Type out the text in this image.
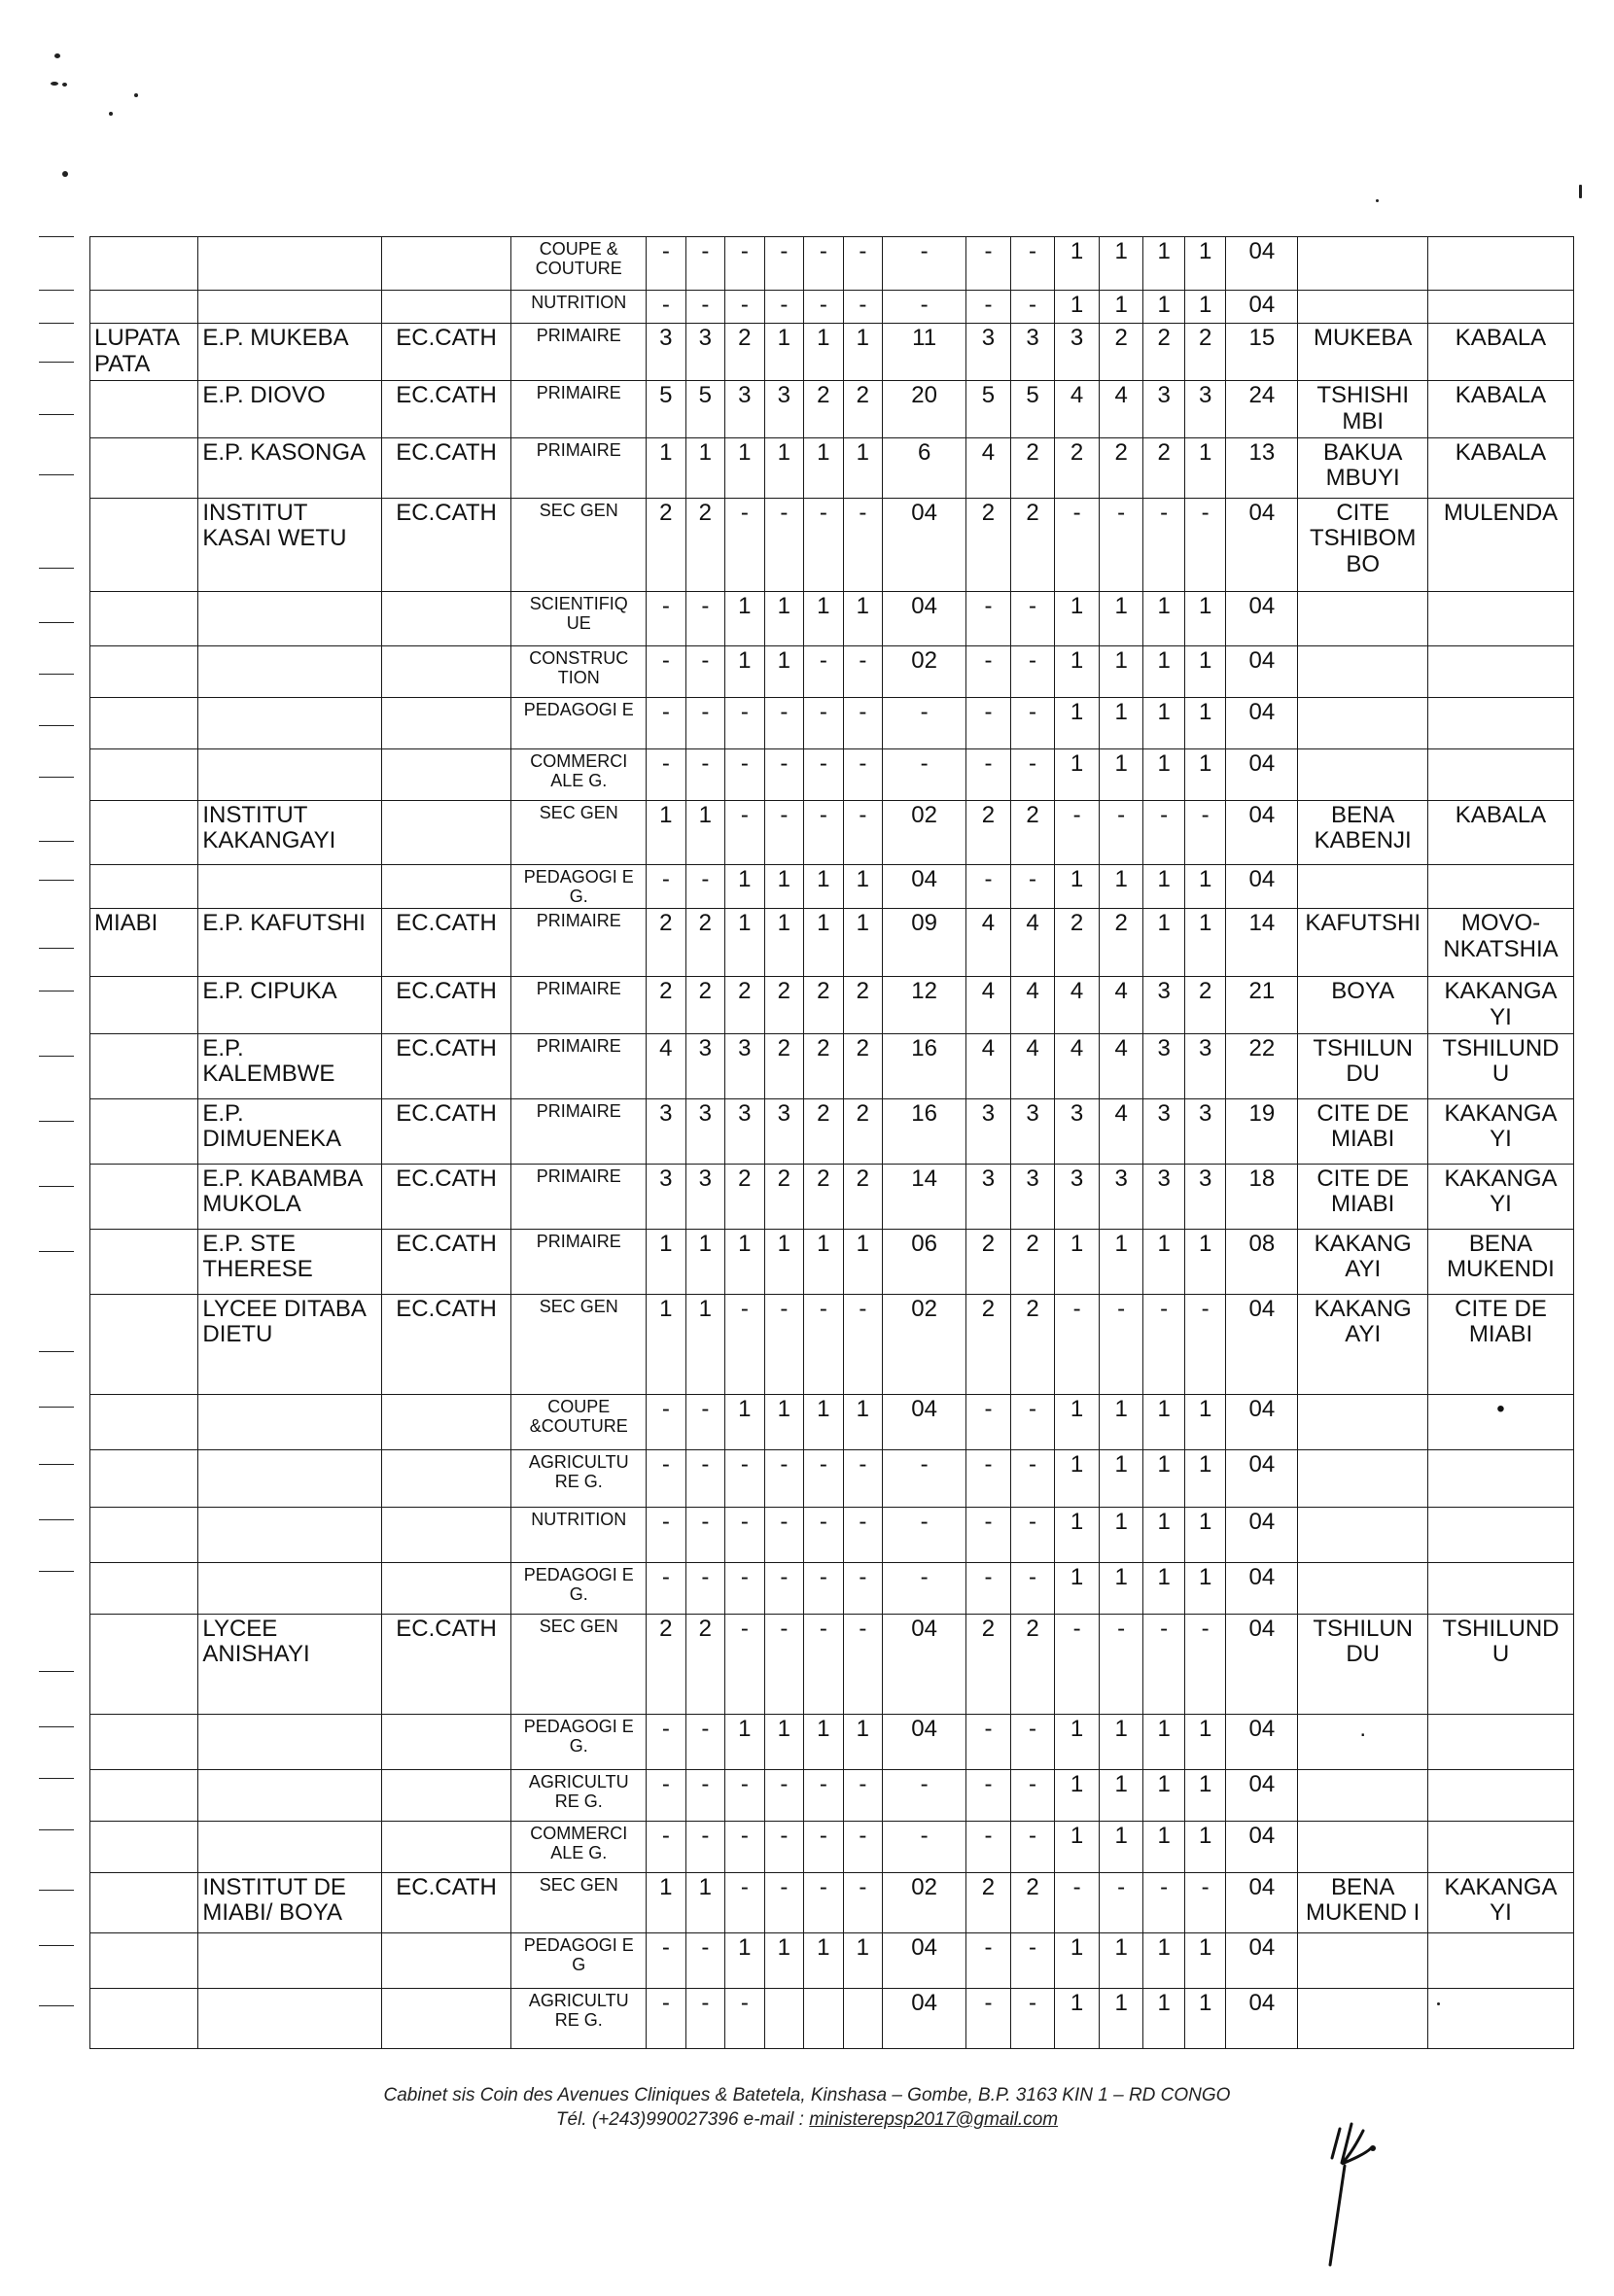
			COUPE & COUTURE	-	-	-	-	-	-	-	-	-	1	1	1	1	04		
			NUTRITION	-	-	-	-	-	-	-	-	-	1	1	1	1	04		
LUPATA PATA	E.P. MUKEBA	EC.CATH	PRIMAIRE	3	3	2	1	1	1	11	3	3	3	2	2	2	15	MUKEBA	KABALA
	E.P. DIOVO	EC.CATH	PRIMAIRE	5	5	3	3	2	2	20	5	5	4	4	3	3	24	TSHISHI MBI	KABALA
	E.P. KASONGA	EC.CATH	PRIMAIRE	1	1	1	1	1	1	6	4	2	2	2	2	1	13	BAKUA MBUYI	KABALA
	INSTITUT KASAI WETU	EC.CATH	SEC GEN	2	2	-	-	-	-	04	2	2	-	-	-	-	04	CITE TSHIBOM BO	MULENDA
			SCIENTIFIQ UE	-	-	1	1	1	1	04	-	-	1	1	1	1	04		
			CONSTRUC TION	-	-	1	1	-	-	02	-	-	1	1	1	1	04		
			PEDAGOGI E	-	-	-	-	-	-	-	-	-	1	1	1	1	04		
			COMMERCI ALE G.	-	-	-	-	-	-	-	-	-	1	1	1	1	04		
	INSTITUT KAKANGAYI		SEC GEN	1	1	-	-	-	-	02	2	2	-	-	-	-	04	BENA KABENJI	KABALA
			PEDAGOGI E G.	-	-	1	1	1	1	04	-	-	1	1	1	1	04		
MIABI	E.P. KAFUTSHI	EC.CATH	PRIMAIRE	2	2	1	1	1	1	09	4	4	2	2	1	1	14	KAFUTSHI	MOVO-NKATSHIA
	E.P. CIPUKA	EC.CATH	PRIMAIRE	2	2	2	2	2	2	12	4	4	4	4	3	2	21	BOYA	KAKANGA YI
	E.P. KALEMBWE	EC.CATH	PRIMAIRE	4	3	3	2	2	2	16	4	4	4	4	3	3	22	TSHILUN DU	TSHILUND U
	E.P. DIMUENEKA	EC.CATH	PRIMAIRE	3	3	3	3	2	2	16	3	3	3	4	3	3	19	CITE DE MIABI	KAKANGA YI
	E.P. KABAMBA MUKOLA	EC.CATH	PRIMAIRE	3	3	2	2	2	2	14	3	3	3	3	3	3	18	CITE DE MIABI	KAKANGA YI
	E.P. STE THERESE	EC.CATH	PRIMAIRE	1	1	1	1	1	1	06	2	2	1	1	1	1	08	KAKANG AYI	BENA MUKENDI
	LYCEE DITABA DIETU	EC.CATH	SEC GEN	1	1	-	-	-	-	02	2	2	-	-	-	-	04	KAKANG AYI	CITE DE MIABI
			COUPE &COUTURE	-	-	1	1	1	1	04	-	-	1	1	1	1	04		•
			AGRICULTU RE G.	-	-	-	-	-	-	-	-	-	1	1	1	1	04		
			NUTRITION	-	-	-	-	-	-	-	-	-	1	1	1	1	04		
			PEDAGOGI E G.	-	-	-	-	-	-	-	-	-	1	1	1	1	04		
	LYCEE ANISHAYI	EC.CATH	SEC GEN	2	2	-	-	-	-	04	2	2	-	-	-	-	04	TSHILUN DU	TSHILUND U
			PEDAGOGI E G.	-	-	1	1	1	1	04	-	-	1	1	1	1	04	.	
			AGRICULTU RE G.	-	-	-	-	-	-	-	-	-	1	1	1	1	04		
			COMMERCI ALE G.	-	-	-	-	-	-	-	-	-	1	1	1	1	04		
	INSTITUT DE MIABI/ BOYA	EC.CATH	SEC GEN	1	1	-	-	-	-	02	2	2	-	-	-	-	04	BENA MUKEND I	KAKANGA YI
			PEDAGOGI E G	-	-	1	1	1	1	04	-	-	1	1	1	1	04		
			AGRICULTU RE G.	-	-	-				04	-	-	1	1	1	1	04		
Cabinet sis Coin des Avenues Cliniques & Batetela, Kinshasa – Gombe, B.P. 3163 KIN 1 – RD CONGO
Tél. (+243)990027396 e-mail : ministerepsp2017@gmail.com
